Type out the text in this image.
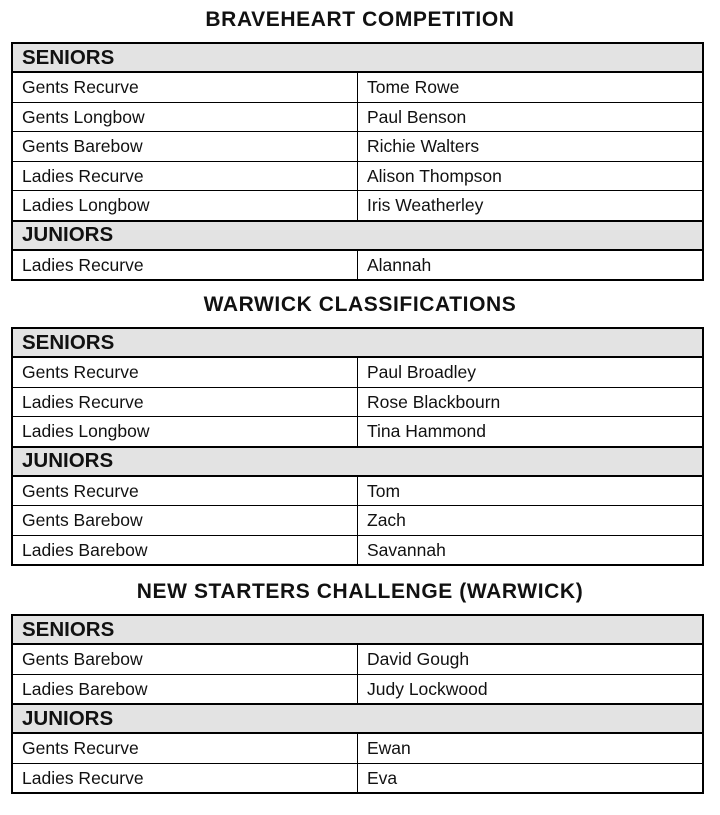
BRAVEHEART COMPETITION
SENIORS	
Gents Recurve	Tome Rowe
Gents Longbow	Paul Benson
Gents Barebow	Richie Walters
Ladies Recurve	Alison Thompson
Ladies Longbow	Iris Weatherley
JUNIORS	
Ladies Recurve	Alannah
WARWICK CLASSIFICATIONS
SENIORS	
Gents Recurve	Paul Broadley
Ladies Recurve	Rose Blackbourn
Ladies Longbow	Tina Hammond
JUNIORS	
Gents Recurve	Tom
Gents Barebow	Zach
Ladies Barebow	Savannah
NEW STARTERS CHALLENGE (WARWICK)
SENIORS	
Gents Barebow	David Gough
Ladies Barebow	Judy Lockwood
JUNIORS	
Gents Recurve	Ewan
Ladies Recurve	Eva
